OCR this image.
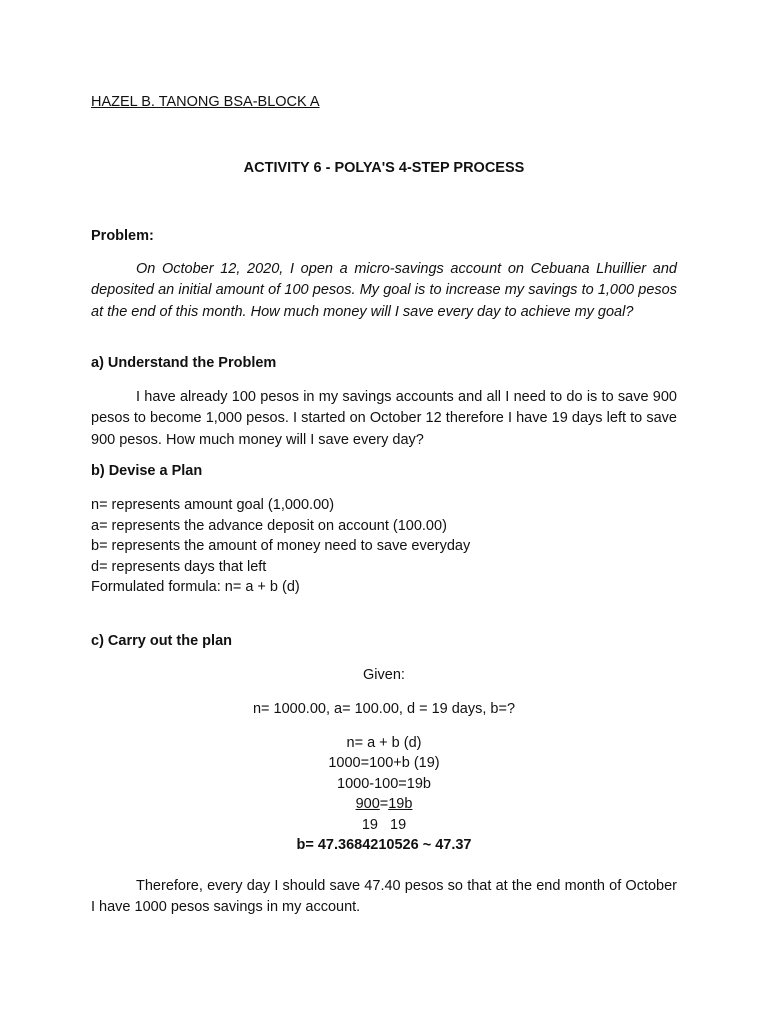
HAZEL B. TANONG BSA-BLOCK A
ACTIVITY 6 - POLYA'S 4-STEP PROCESS
Problem:
On October 12, 2020, I open a micro-savings account on Cebuana Lhuillier and deposited an initial amount of 100 pesos. My goal is to increase my savings to 1,000 pesos at the end of this month. How much money will I save every day to achieve my goal?
a) Understand the Problem
I have already 100 pesos in my savings accounts and all I need to do is to save 900 pesos to become 1,000 pesos. I started on October 12 therefore I have 19 days left to save 900 pesos. How much money will I save every day?
b) Devise a Plan
n= represents amount goal (1,000.00)
a= represents the advance deposit on account (100.00)
b= represents the amount of money need to save everyday
d= represents days that left
Formulated formula: n= a + b (d)
c) Carry out the plan
Given:
n= 1000.00, a= 100.00, d = 19 days, b=?
n= a + b (d)
1000=100+b (19)
1000-100=19b
900=19b
19   19
b= 47.3684210526 ~ 47.37
Therefore, every day I should save 47.40 pesos so that at the end month of October I have 1000 pesos savings in my account.
